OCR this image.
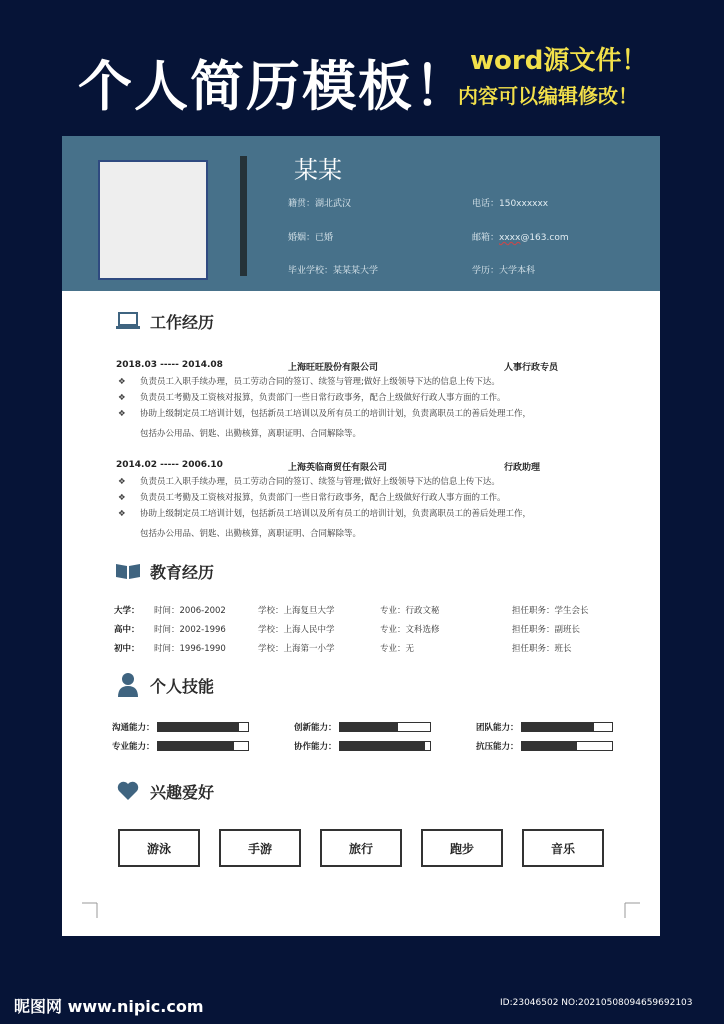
个人简历模板！ word源文件！
内容可以编辑修改！
某某
籍贯：湖北武汉	电话：150xxxxxx
婚姻：已婚	邮箱：xxxx@163.com
毕业学校：某某某大学	学历：大学本科
工作经历
2018.03 ----- 2014.08	上海旺旺股份有限公司	人事行政专员
❖ 负责员工入职手续办理，员工劳动合同的签订、续签与管理;做好上级领导下达的信息上传下达。
❖ 负责员工考勤及工资核对报算，负责部门一些日常行政事务，配合上级做好行政人事方面的工作。
❖ 协助上级制定员工培训计划，包括新员工培训以及所有员工的培训计划，负责离职员工的善后处理工作，
包括办公用品、钥匙、出勤核算，离职证明、合同解除等。
2014.02 ----- 2006.10	上海英临商贸任有限公司	行政助理
❖ 负责员工入职手续办理，员工劳动合同的签订、续签与管理;做好上级领导下达的信息上传下达。
❖ 负责员工考勤及工资核对报算，负责部门一些日常行政事务，配合上级做好行政人事方面的工作。
❖ 协助上级制定员工培训计划，包括新员工培训以及所有员工的培训计划，负责离职员工的善后处理工作，
包括办公用品、钥匙、出勤核算，离职证明、合同解除等。
教育经历
大学： 时间：2006-2002	学校：上海复旦大学	专业：行政文秘	担任职务：学生会长
高中： 时间：2002-1996	学校：上海人民中学	专业：文科选修	担任职务：副班长
初中： 时间：1996-1990	学校：上海第一小学	专业：无	担任职务：班长
个人技能
沟通能力：	创新能力：	团队能力：
专业能力：	协作能力：	抗压能力：
兴趣爱好
游泳	手游	旅行	跑步	音乐
昵图网 www.nipic.com	ID:23046502 NO:20210508094659692103
